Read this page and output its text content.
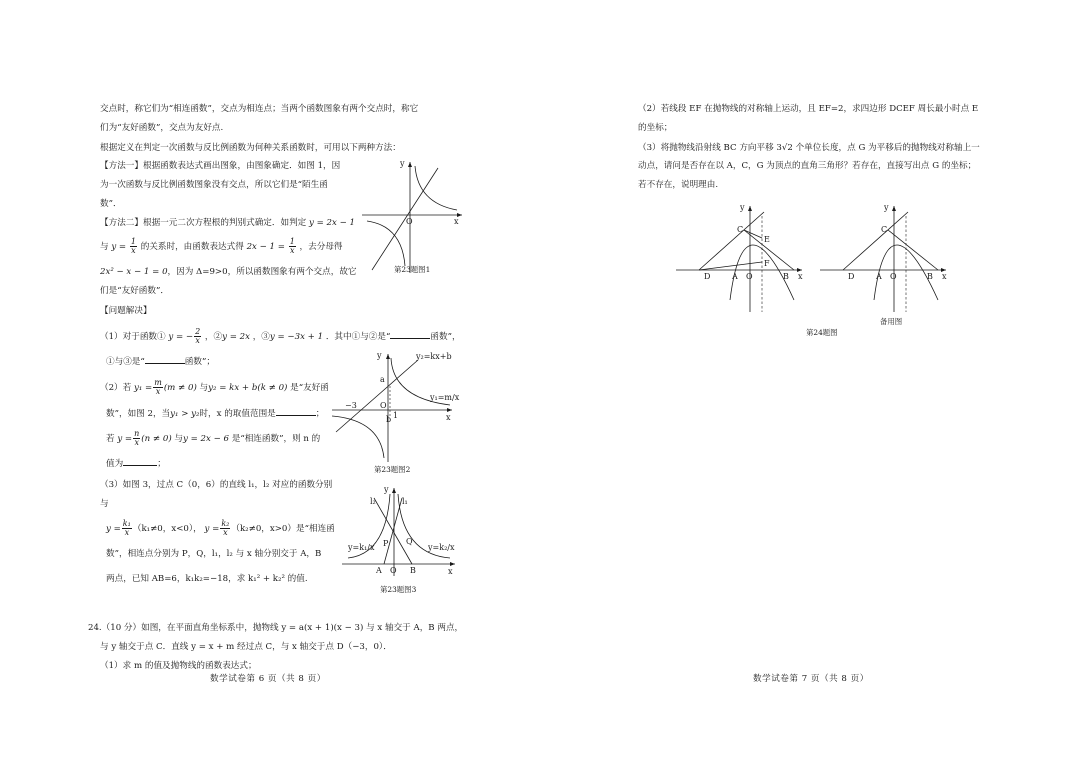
交点时，称它们为“相连函数”，交点为相连点；当两个函数图象有两个交点时，称它
们为“友好函数”，交点为友好点.
根据定义在判定一次函数与反比例函数为何种关系函数时，可用以下两种方法：
【方法一】根据函数表达式画出图象，由图象确定．如图 1，因
为一次函数与反比例函数图象没有交点，所以它们是“陌生函
数”．
【方法二】根据一元二次方程根的判别式确定．如判定 y = 2x − 1
与 $y = \frac{1}{x}$ 的关系时，由函数表达式得 $2x - 1 = \frac{1}{x}$ ，去分母得
2x² − x − 1 = 0，因为 Δ=9>0，所以函数图象有两个交点，故它
们是“友好函数”．
【问题解决】
（1）对于函数① y = − $\frac{2}{x}$ ，②y = 2x ，③y = −3x + 1 ．其中①与②是“	函数”，
①与③是“	函数”；
（2）若 $y_1 = \frac{m}{x} (m \ne 0)$ 与y₂ = kx + b(k ≠ 0) 是“友好函
数”，如图 2，当y₁ > y₂时，x 的取值范围是	；
若 $y = \frac{n}{x} (n \ne 0)$ 与y = 2x − 6 是“相连函数”，则 n 的
值为	；
（3）如图 3，过点 C（0，6）的直线 l₁，l₂ 对应的函数分别
与
$y = \frac{\text{k₁}}{x} (k_1\ne 0$，x<0）， $y = \frac{\text{k₂}}{x} (k_2\ne 0$，x>0）是“相连函
数”，相连点分别为 P，Q，l₁，l₂ 与 x 轴分别交于 A，B
两点，已知 AB=6，k₁k₂=−18，求 k₁² + k₂² 的值.
24.（10 分）如图，在平面直角坐标系中，抛物线 y = a(x + 1)(x − 3) 与 x 轴交于 A，B 两点，
与 y 轴交于点 C．直线 y = x + m 经过点 C，与 x 轴交于点 D（−3，0）．
（1）求 m 的值及抛物线的函数表达式；
数学试卷第 6 页（共 8 页）
y
x
O
第23题图1
y	y₂=kx+b
a
y₁=m/x
−3	O
b 1	x
第23题图2
y
l₂	l₁
P Q
y=k₁/x	y=k₂/x
A O B	x
第23题图3
（2）若线段 EF 在抛物线的对称轴上运动，且 EF=2，求四边形 DCEF 周长最小时点 E
的坐标；
（3）将抛物线沿射线 BC 方向平移 3√2 个单位长度，点 G 为平移后的抛物线对称轴上一
动点，请问是否存在以 A，C，G 为顶点的直角三角形？若存在，直接写出点 G 的坐标；
若不存在，说明理由.
y
C
E
F
D	A O	B x
y
C
D	A O	B x
备用图
第24题图
数学试卷第 7 页（共 8 页）
